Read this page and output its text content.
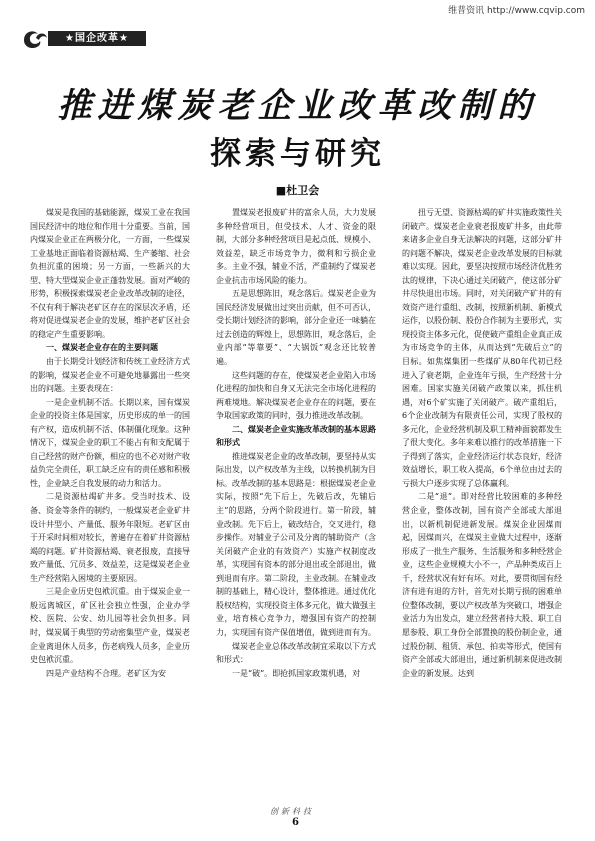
维普资讯 http://www.cqvip.com
★国企改革★
推进煤炭老企业改革改制的
探索与研究
■杜卫会

煤炭是我国的基础能源，煤炭工业在我国国民经济中的地位和作用十分重要。当前，国内煤炭企业正在两极分化，一方面，一些煤炭工业基地正面临着资源枯竭、生产萎缩、社会负担沉重的困境；另一方面，一些新兴的大型、特大型煤炭企业正蓬勃发展。面对严峻的形势，积极探索煤炭老企业改革改制的途径，不仅有利于解决老矿区存在的深层次矛盾，还将对促进煤炭老企业的发展，维护老矿区社会的稳定产生重要影响。

一、煤炭老企业存在的主要问题

由于长期受计划经济和传统工业经济方式的影响，煤炭老企业不可避免地暴露出一些突出的问题。主要表现在：

一是企业机制不活。长期以来，国有煤炭企业的投资主体是国家，历史形成的单一的国有产权，造成机制不活、体制僵化现象。这种情况下，煤炭企业的职工不能占有和支配属于自己经营的财产份额，相应的也不必对财产收益负完全责任，职工缺乏应有的责任感和积极性，企业缺乏自我发展的动力和活力。

二是资源枯竭矿井多。受当时技术、设备、资金等条件的制约，一般煤炭老企业矿井设计井型小、产量低、服务年限短。老矿区由于开采时间相对较长，普遍存在着矿井资源枯竭的问题。矿井资源枯竭、衰老报废，直接导致产量低、冗员多、效益差，这是煤炭老企业生产经营陷入困境的主要原因。

三是企业历史包袱沉重。由于煤炭企业一般远离城区，矿区社会独立性强，企业办学校、医院、公安、幼儿园等社会负担多。同时，煤炭属于典型的劳动密集型产业，煤炭老企业离退休人员多，伤老病残人员多，企业历史包袱沉重。

四是产业结构不合理。老矿区为安

置煤炭老报废矿井的富余人员，大力发展多种经营项目，但受技术、人才、资金的限制，大部分多种经营项目是起点低、规模小、效益差，缺乏市场竞争力，微利和亏损企业多。主业不强，辅业不活，严重制约了煤炭老企业抗击市场风险的能力。

五是思想陈旧，观念落后。煤炭老企业为国民经济发展做出过突出贡献，但不可否认，受长期计划经济的影响，部分企业还一味躺在过去创造的辉煌上，思想陈旧，观念落后，企业内部“等靠要”、“大锅饭”观念还比较普遍。

这些问题的存在，使煤炭老企业陷入市场化进程的加快和自身又无法完全市场化进程的两难境地。解决煤炭老企业存在的问题，要在争取国家政策的同时，强力推进改革改制。

二、煤炭老企业实施改革改制的基本思路和形式

推进煤炭老企业的改革改制，要坚持从实际出发，以产权改革为主线，以转换机制为目标。改革改制的基本思路是：根据煤炭老企业实际，按照“先下后上，先破后改，先辅后主”的思路，分两个阶段进行。第一阶段，辅业改制。先下后上，破改结合，交叉进行，稳步操作。对辅业子公司及分离的辅助资产（含关闭破产企业的有效资产）实施产权制度改革，实现国有资本的部分退出或全部退出，做到退而有序。第二阶段，主业改制。在辅业改制的基础上，精心设计，整体推进。通过优化股权结构，实现投资主体多元化，做大做强主业，培育核心竞争力，增强国有资产的控制力，实现国有资产保值增值，做到进而有为。

煤炭老企业总体改革改制宜采取以下方式和形式：

一是“破”。即抢抓国家政策机遇，对

扭亏无望、资源枯竭的矿井实施政策性关闭破产。煤炭老企业衰老报废矿井多，由此带来诸多企业自身无法解决的问题，这部分矿井的问题不解决，煤炭老企业改革发展的目标就难以实现。因此，要坚决按照市场经济优胜劣汰的规律，下决心通过关闭破产，使这部分矿井尽快退出市场。同时，对关闭破产矿井的有效资产进行重组、改制，按照新机制、新模式运作，以股份制、股份合作制为主要形式，实现投资主体多元化，促使破产重组企业真正成为市场竞争的主体，从而达到“先破后立”的目标。如焦煤集团一些煤矿从80年代初已经进入了衰老期，企业连年亏损，生产经营十分困难。国家实施关闭破产政策以来，抓住机遇，对6个矿实施了关闭破产。破产重组后，6个企业改制为有限责任公司，实现了股权的多元化，企业经营机制及职工精神面貌都发生了很大变化。多年来难以推行的改革措施一下子得到了落实，企业经济运行状态良好，经济效益增长，职工收入提高，6个单位由过去的亏损大户逐步实现了总体赢利。

二是“退”。即对经营比较困难的多种经营企业，整体改制，国有资产全部或大部退出，以新机制促进新发展。煤炭企业因煤而起，因煤而兴，在煤炭主业做大过程中，逐渐形成了一批生产服务、生活服务和多种经营企业，这些企业规模大小不一，产品种类成百上千，经营状况有好有坏。对此，要贯彻国有经济有进有退的方针，首先对长期亏损的困难单位整体改制，要以产权改革为突破口，增强企业活力为出发点，建立经营者持大股、职工自愿参股、职工身份全部置换的股份制企业，通过股份制、租赁、承包、拍卖等形式，使国有资产全部或大部退出，通过新机制来促进改制企业的新发展。达到

创新科技
6
